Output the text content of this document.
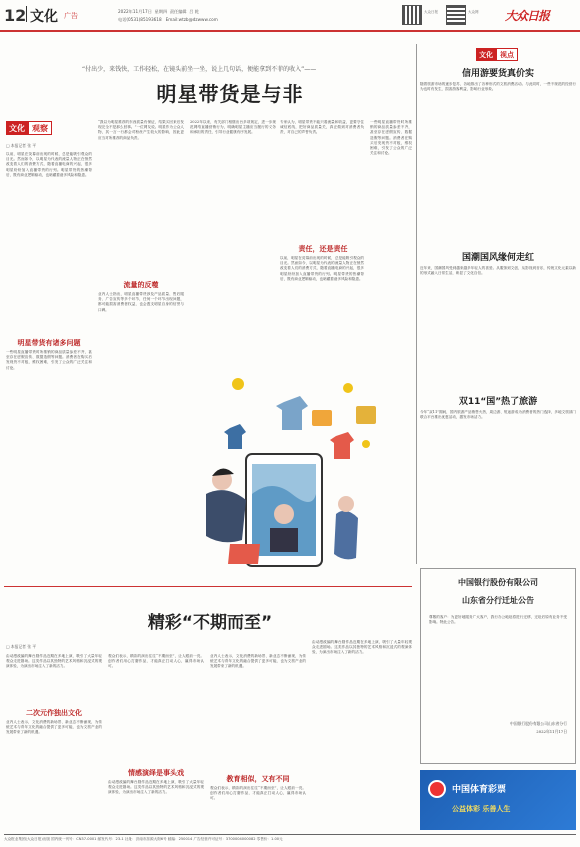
12 文化 广告
2022年11月17日 星期四 责任编辑 吕 乾
电话(0531)85193618 Email:wtzb@dzwww.com
大众日报	大众网 大众日报
“付出少，来钱快，工作轻松，在镜头前坐一坐，说上几句话，便能拿到不菲的收入”——
明星带货是与非
文化 观察
□ 本报记者 张 平
以前，明星在荧幕前出现的时候，总是能吸引观众的目光。然而如今，以明星为代表的流量人物正在悄然改变着人们的消费方式，随着直播电商的兴起，很多明星纷纷加入直播带货的行列。明星带货的热潮背后，既有商业逻辑驱动，也暗藏着诸多风险和隐患。
明星带货有诸多问题
一些明星直播带货时所推销的商品质量参差不齐，甚至存在虚假宣传、数据造假等问题。消费者在购买后发现货不对板，维权困难，引发了公众的广泛关注和讨论。
“我以为明星推荐的东西质量有保证，结果买回来后发现完全不是那么回事。”一位网友说。明星作为公众人物，其一言一行都会对粉丝产生较大的影响，因此更应当对所推荐的商品负责。
流量的反噬
业内人士指出，明星直播带货涉及产品质量、售后服务、广告宣传等多个环节，任何一个环节出现问题，都可能损害消费者权益，也会透支明星自身的信誉与口碑。
2022年以来，有关部门相继出台多项规定，进一步规范网络直播营销行为，明确明星主播应当履行的义务和承担的责任，引导行业健康有序发展。
责任，还是责任
专家认为，明星带货不能只看流量和收益，更要守住诚信底线，把好商品质量关，真正做到对消费者负责，对自己的声誉负责。
以前，明星在荧幕前出现的时候，总是能吸引观众的目光。然而如今，以明星为代表的流量人物正在悄然改变着人们的消费方式，随着直播电商的兴起，很多明星纷纷加入直播带货的行列。明星带货的热潮背后，既有商业逻辑驱动，也暗藏着诸多风险和隐患。
一些明星直播带货时所推销的商品质量参差不齐，甚至存在虚假宣传、数据造假等问题。消费者在购买后发现货不对板，维权困难，引发了公众的广泛关注和讨论。
文化	视点
信用游要货真价实
随着旅游市场的逐步复苏，各地推出了各种形式的文旅消费活动。与此同时，一些不规范的经营行为也时有发生，损害游客利益，影响行业形象。
国潮国风缘何走红
近年来，国潮国风受到越来越多年轻人的喜爱。从服饰到文创，从影视到音乐，传统文化元素以新的形式融入日常生活，彰显了文化自信。
双11“国”热了旅游
今年“双11”期间，国内旅游产品销售火热，周边游、短途游成为消费者的热门选择，多地文旅部门联合平台推出优惠活动，激发市场活力。
中国银行股份有限公司
山东省分行迁址公告
尊敬的客户：为更好地服务广大客户，我行办公地址将进行迁移，迁址后原有业务不受影响。特此公告。
中国银行股份有限公司山东省分行
2022年11月17日
中国体育彩票
公益体彩 乐善人生
精彩“不期而至”
□ 本报记者 张 平
由动漫改编的舞台剧作品近期在多地上演，吸引了大量年轻观众走进剧场。这类作品以其独特的艺术风格和沉浸式的观演体验，为演出市场注入了新的活力。
二次元作独出文化
业内人士表示，文化消费的新场景、新业态不断涌现，为传统艺术与青年文化的融合提供了更多可能，也为文旅产业的发展带来了新的机遇。
观众们表示，精彩的演出往往“不期而至”，让人眼前一亮。创作者们用心打磨作品，才能真正打动人心，赢得市场认可。
情感演绎是事头戏
由动漫改编的舞台剧作品近期在多地上演，吸引了大量年轻观众走进剧场。这类作品以其独特的艺术风格和沉浸式的观演体验，为演出市场注入了新的活力。
业内人士表示，文化消费的新场景、新业态不断涌现，为传统艺术与青年文化的融合提供了更多可能，也为文旅产业的发展带来了新的机遇。
教育相似，又有不同
观众们表示，精彩的演出往往“不期而至”，让人眼前一亮。创作者们用心打磨作品，才能真正打动人心，赢得市场认可。
由动漫改编的舞台剧作品近期在多地上演，吸引了大量年轻观众走进剧场。这类作品以其独特的艺术风格和沉浸式的观演体验，为演出市场注入了新的活力。
大众报业集团(大众日报)出版 国内统一刊号：CN37-0001 邮发代号：23-1 社址：济南市泺源大街6号 邮编：250014 广告经营许可证号：3700004000082 零售价：1.00元
